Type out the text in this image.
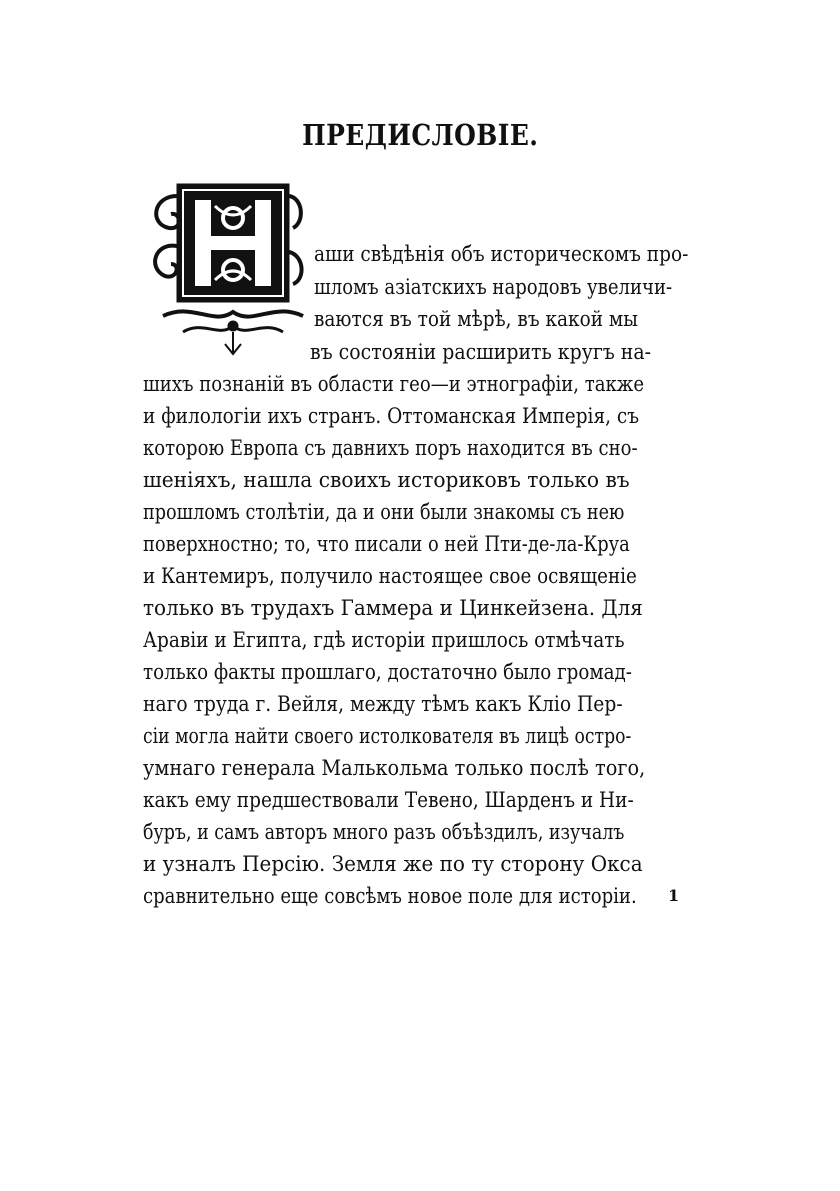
ПРЕДИСЛОВІЕ.
аши свѣдѣнія объ историческомъ про-
шломъ азіатскихъ народовъ увеличи-
ваются въ той мѣрѣ, въ какой мы
въ состояніи расширить кругъ на-
шихъ познаній въ области гео—и этнографіи, также
и филологіи ихъ странъ. Оттоманская Имперія, съ
которою Европа съ давнихъ поръ находится въ сно-
шеніяхъ, нашла своихъ историковъ только въ
прошломъ столѣтіи, да и они были знакомы съ нею
поверхностно; то, что писали о ней Пти-де-ла-Круа
и Кантемиръ, получило настоящее свое освященіе
только въ трудахъ Гаммера и Цинкейзена. Для
Аравіи и Египта, гдѣ исторіи пришлось отмѣчать
только факты прошлаго, достаточно было громад-
наго труда г. Вейля, между тѣмъ какъ Кліо Пер-
сіи могла найти своего истолкователя въ лицѣ остро-
умнаго генерала Малькольма только послѣ того,
какъ ему предшествовали Тевено, Шарденъ и Ни-
буръ, и самъ авторъ много разъ объѣздилъ, изучалъ
и узналъ Персію. Земля же по ту сторону Окса
сравнительно еще совсѣмъ новое поле для исторіи. 1
